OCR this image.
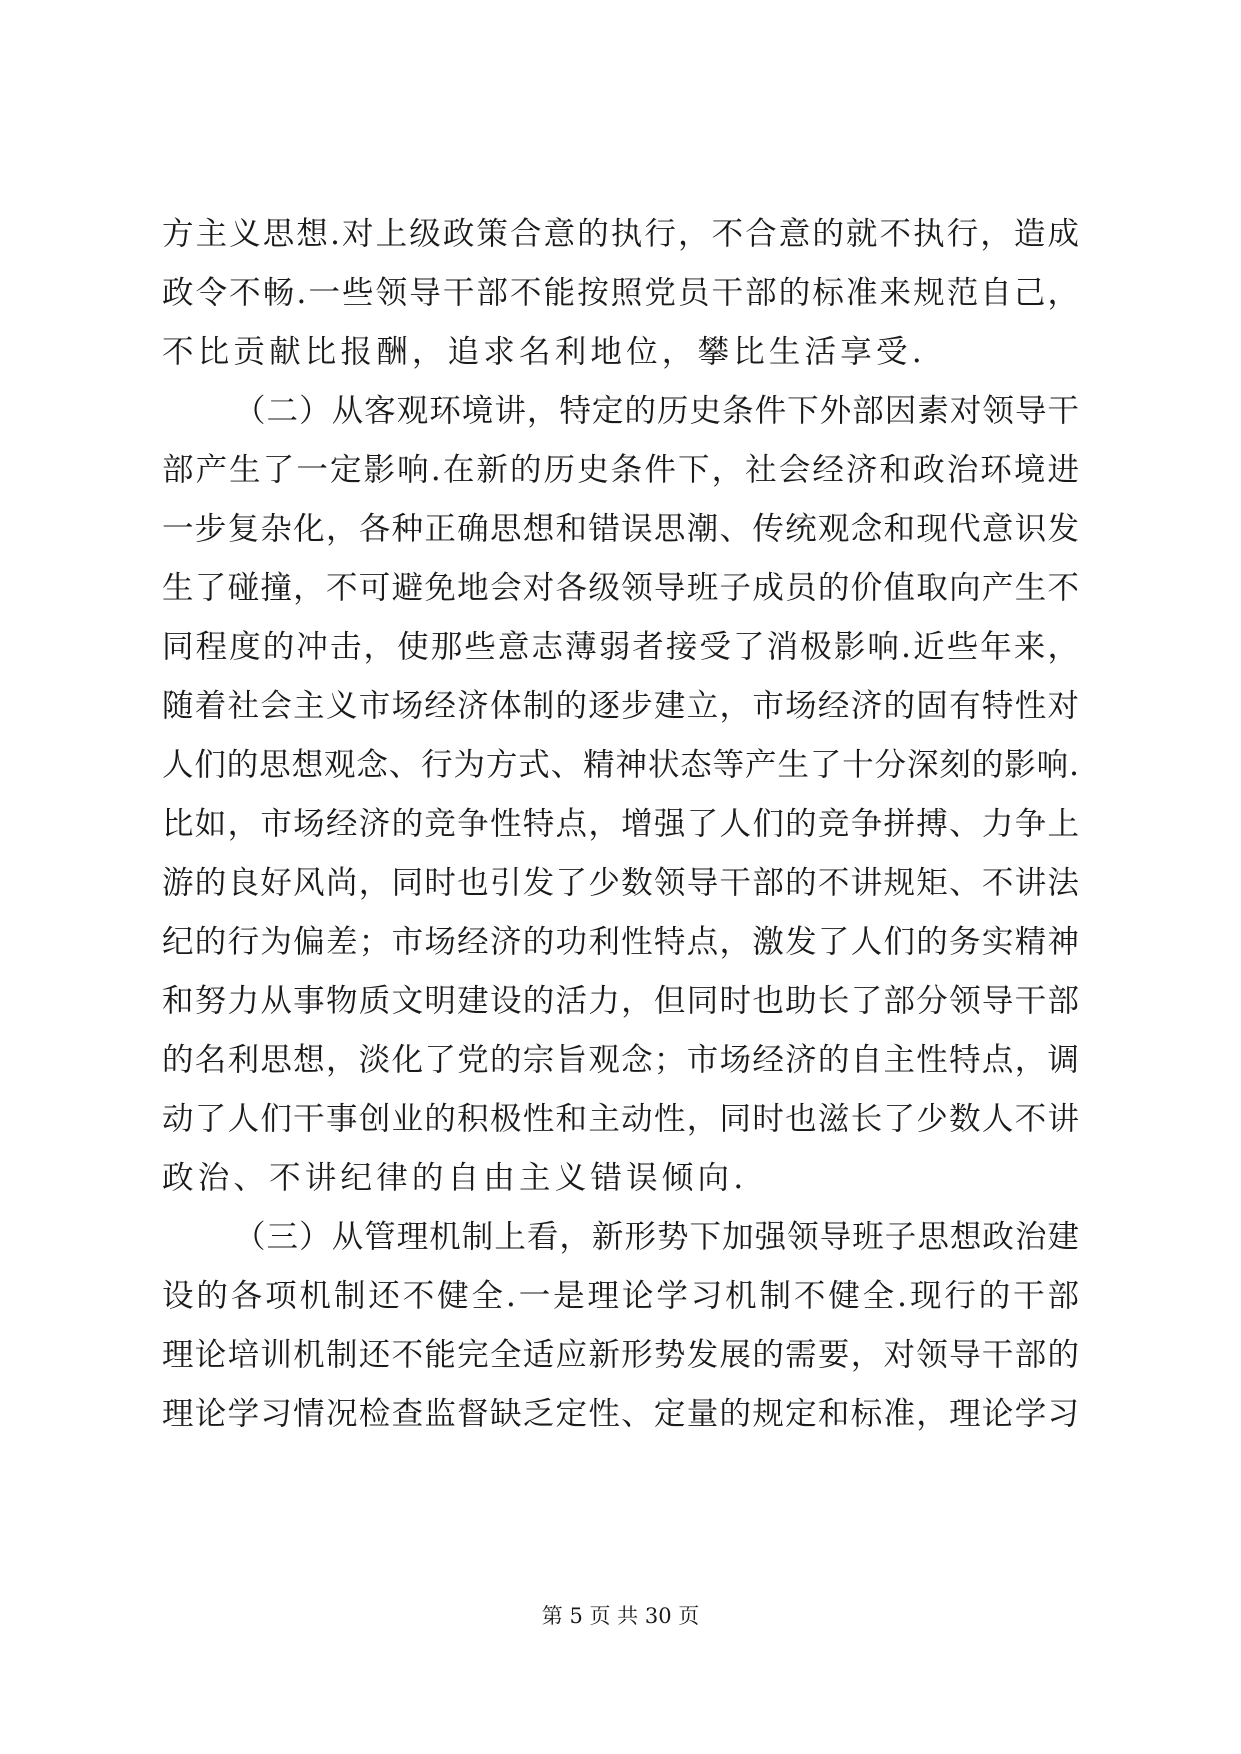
方主义思想.对上级政策合意的执行，不合意的就不执行，造成
政令不畅.一些领导干部不能按照党员干部的标准来规范自己，
不比贡献比报酬，追求名利地位，攀比生活享受.
（二）从客观环境讲，特定的历史条件下外部因素对领导干
部产生了一定影响.在新的历史条件下，社会经济和政治环境进
一步复杂化，各种正确思想和错误思潮、传统观念和现代意识发
生了碰撞，不可避免地会对各级领导班子成员的价值取向产生不
同程度的冲击，使那些意志薄弱者接受了消极影响.近些年来，
随着社会主义市场经济体制的逐步建立，市场经济的固有特性对
人们的思想观念、行为方式、精神状态等产生了十分深刻的影响.
比如，市场经济的竞争性特点，增强了人们的竞争拼搏、力争上
游的良好风尚，同时也引发了少数领导干部的不讲规矩、不讲法
纪的行为偏差；市场经济的功利性特点，激发了人们的务实精神
和努力从事物质文明建设的活力，但同时也助长了部分领导干部
的名利思想，淡化了党的宗旨观念；市场经济的自主性特点，调
动了人们干事创业的积极性和主动性，同时也滋长了少数人不讲
政治、不讲纪律的自由主义错误倾向.
（三）从管理机制上看，新形势下加强领导班子思想政治建
设的各项机制还不健全.一是理论学习机制不健全.现行的干部
理论培训机制还不能完全适应新形势发展的需要，对领导干部的
理论学习情况检查监督缺乏定性、定量的规定和标准，理论学习
第 5 页 共 30 页
